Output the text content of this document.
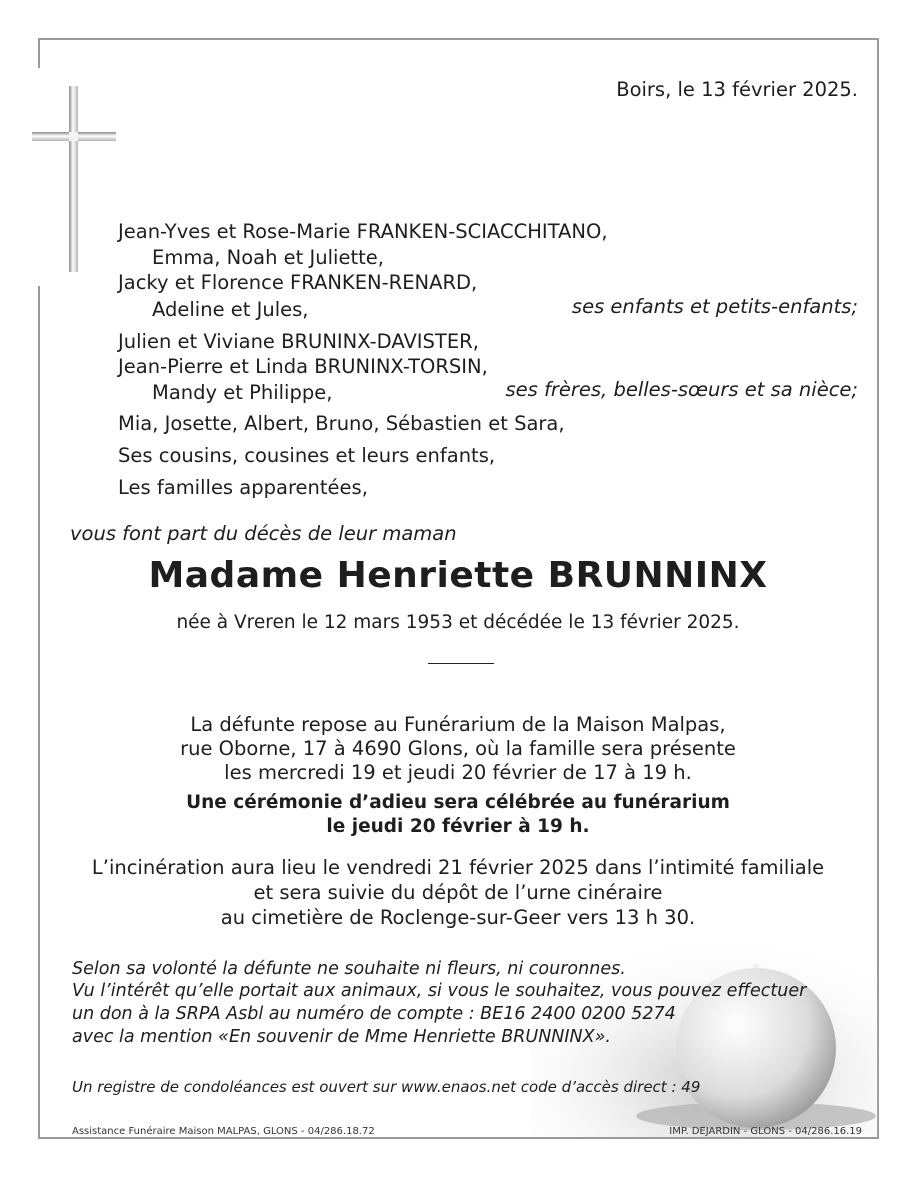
Boirs, le 13 février 2025.
Jean-Yves et Rose-Marie FRANKEN-SCIACCHITANO,
Emma, Noah et Juliette,
Jacky et Florence FRANKEN-RENARD,
Adeline et Jules,	ses enfants et petits-enfants;
Julien et Viviane BRUNINX-DAVISTER,
Jean-Pierre et Linda BRUNINX-TORSIN,
Mandy et Philippe,	ses frères, belles-sœurs et sa nièce;
Mia, Josette, Albert, Bruno, Sébastien et Sara,
Ses cousins, cousines et leurs enfants,
Les familles apparentées,
vous font part du décès de leur maman
Madame Henriette BRUNNINX
née à Vreren le 12 mars 1953 et décédée le 13 février 2025.
La défunte repose au Funérarium de la Maison Malpas,
rue Oborne, 17 à 4690 Glons, où la famille sera présente
les mercredi 19 et jeudi 20 février de 17 à 19 h.
Une cérémonie d’adieu sera célébrée au funérarium
le jeudi 20 février à 19 h.
L’incinération aura lieu le vendredi 21 février 2025 dans l’intimité familiale
et sera suivie du dépôt de l’urne cinéraire
au cimetière de Roclenge-sur-Geer vers 13 h 30.
Selon sa volonté la défunte ne souhaite ni fleurs, ni couronnes.
Vu l’intérêt qu’elle portait aux animaux, si vous le souhaitez, vous pouvez effectuer
un don à la SRPA Asbl au numéro de compte : BE16 2400 0200 5274
avec la mention «En souvenir de Mme Henriette BRUNNINX».
Un registre de condoléances est ouvert sur www.enaos.net code d’accès direct : 49
Assistance Funéraire Maison MALPAS, GLONS - 04/286.18.72	IMP. DEJARDIN - GLONS - 04/286.16.19
